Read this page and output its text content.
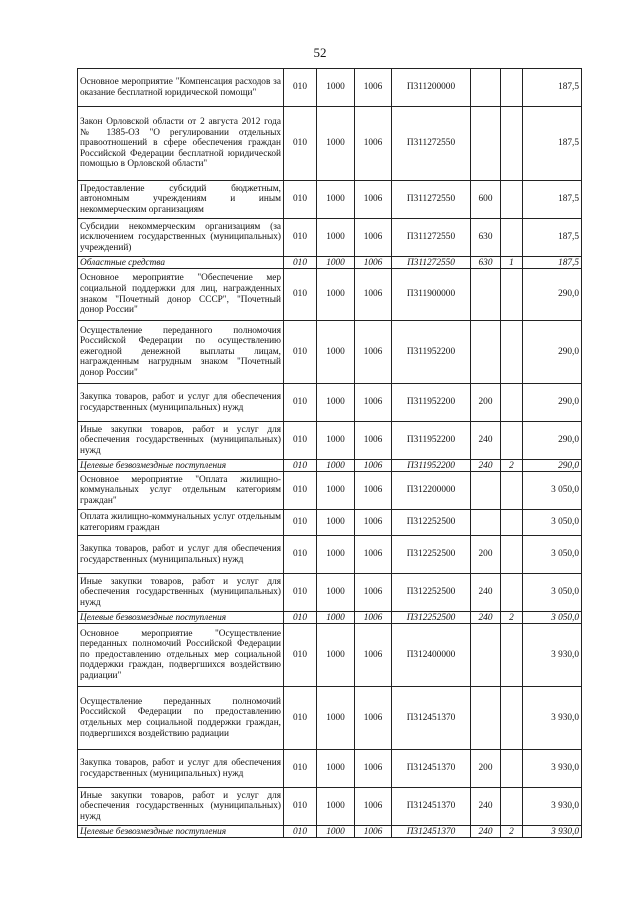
52
Основное мероприятие "Компенсация расходов за оказание бесплатной юридической помощи"	010	1000	1006	П311200000			187,5
Закон Орловской области от 2 августа 2012 года № 1385-ОЗ "О регулировании отдельных правоотношений в сфере обеспечения граждан Российской Федерации бесплатной юридической помощью в Орловской области"	010	1000	1006	П311272550			187,5
Предоставление субсидий бюджетным, автономным учреждениям и иным некоммерческим организациям	010	1000	1006	П311272550	600		187,5
Субсидии некоммерческим организациям (за исключением государственных (муниципальных) учреждений)	010	1000	1006	П311272550	630		187,5
Областные средства	010	1000	1006	П311272550	630	1	187,5
Основное мероприятие "Обеспечение мер социальной поддержки для лиц, награжденных знаком "Почетный донор СССР", "Почетный донор России"	010	1000	1006	П311900000			290,0
Осуществление переданного полномочия Российской Федерации по осуществлению ежегодной денежной выплаты лицам, награжденным нагрудным знаком "Почетный донор России"	010	1000	1006	П311952200			290,0
Закупка товаров, работ и услуг для обеспечения государственных (муниципальных) нужд	010	1000	1006	П311952200	200		290,0
Иные закупки товаров, работ и услуг для обеспечения государственных (муниципальных) нужд	010	1000	1006	П311952200	240		290,0
Целевые безвозмездные поступления	010	1000	1006	П311952200	240	2	290,0
Основное мероприятие "Оплата жилищно-коммунальных услуг отдельным категориям граждан"	010	1000	1006	П312200000			3 050,0
Оплата жилищно-коммунальных услуг отдельным категориям граждан	010	1000	1006	П312252500			3 050,0
Закупка товаров, работ и услуг для обеспечения государственных (муниципальных) нужд	010	1000	1006	П312252500	200		3 050,0
Иные закупки товаров, работ и услуг для обеспечения государственных (муниципальных) нужд	010	1000	1006	П312252500	240		3 050,0
Целевые безвозмездные поступления	010	1000	1006	П312252500	240	2	3 050,0
Основное мероприятие "Осуществление переданных полномочий Российской Федерации по предоставлению отдельных мер социальной поддержки граждан, подвергшихся воздействию радиации"	010	1000	1006	П312400000			3 930,0
Осуществление переданных полномочий Российской Федерации по предоставлению отдельных мер социальной поддержки граждан, подвергшихся воздействию радиации	010	1000	1006	П312451370			3 930,0
Закупка товаров, работ и услуг для обеспечения государственных (муниципальных) нужд	010	1000	1006	П312451370	200		3 930,0
Иные закупки товаров, работ и услуг для обеспечения государственных (муниципальных) нужд	010	1000	1006	П312451370	240		3 930,0
Целевые безвозмездные поступления	010	1000	1006	П312451370	240	2	3 930,0
